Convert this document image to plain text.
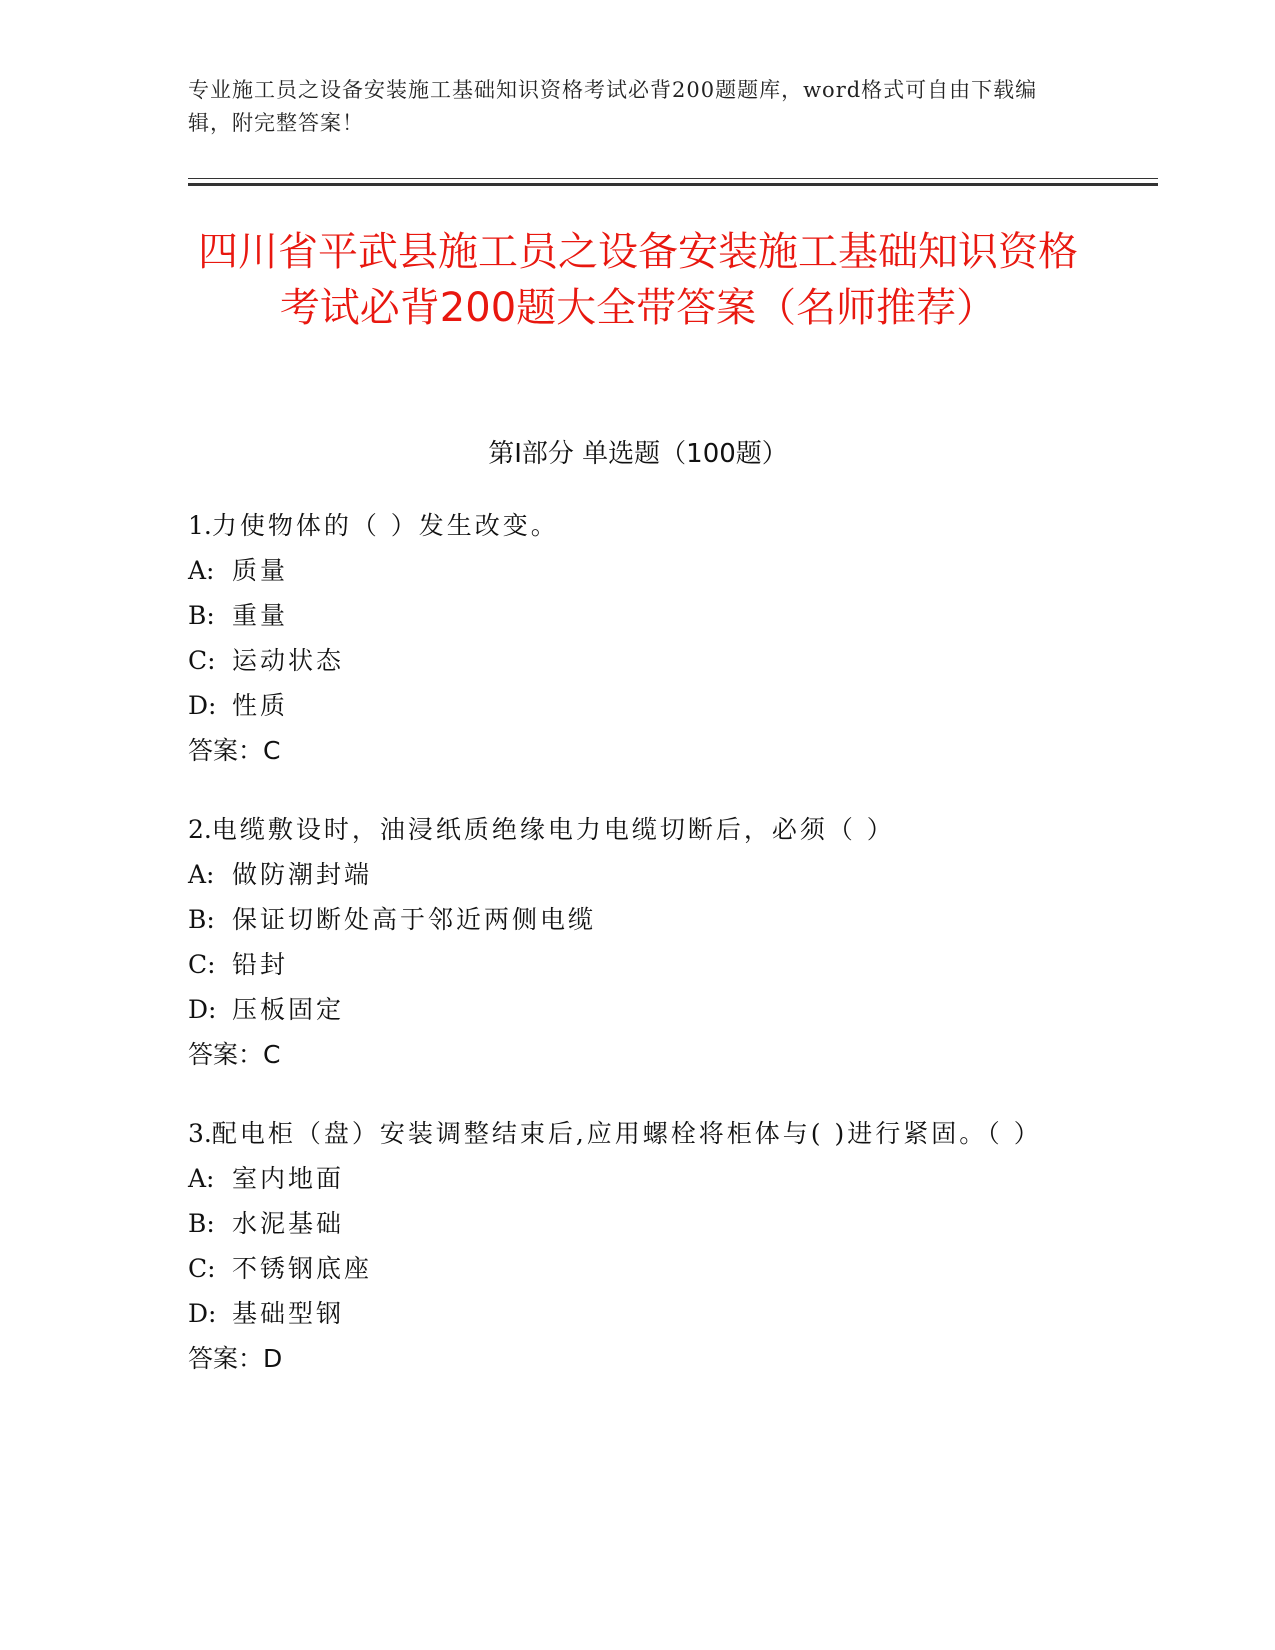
专业施工员之设备安装施工基础知识资格考试必背200题题库，word格式可自由下载编辑，附完整答案！
四川省平武县施工员之设备安装施工基础知识资格考试必背200题大全带答案（名师推荐）
第Ⅰ部分 单选题（100题）
1.力使物体的（ ）发生改变。
A: 质量
B: 重量
C: 运动状态
D: 性质
答案：C
2.电缆敷设时，油浸纸质绝缘电力电缆切断后，必须（ ）
A: 做防潮封端
B: 保证切断处高于邻近两侧电缆
C: 铅封
D: 压板固定
答案：C
3.配电柜（盘）安装调整结束后,应用螺栓将柜体与( )进行紧固。（ ）
A: 室内地面
B: 水泥基础
C: 不锈钢底座
D: 基础型钢
答案：D
